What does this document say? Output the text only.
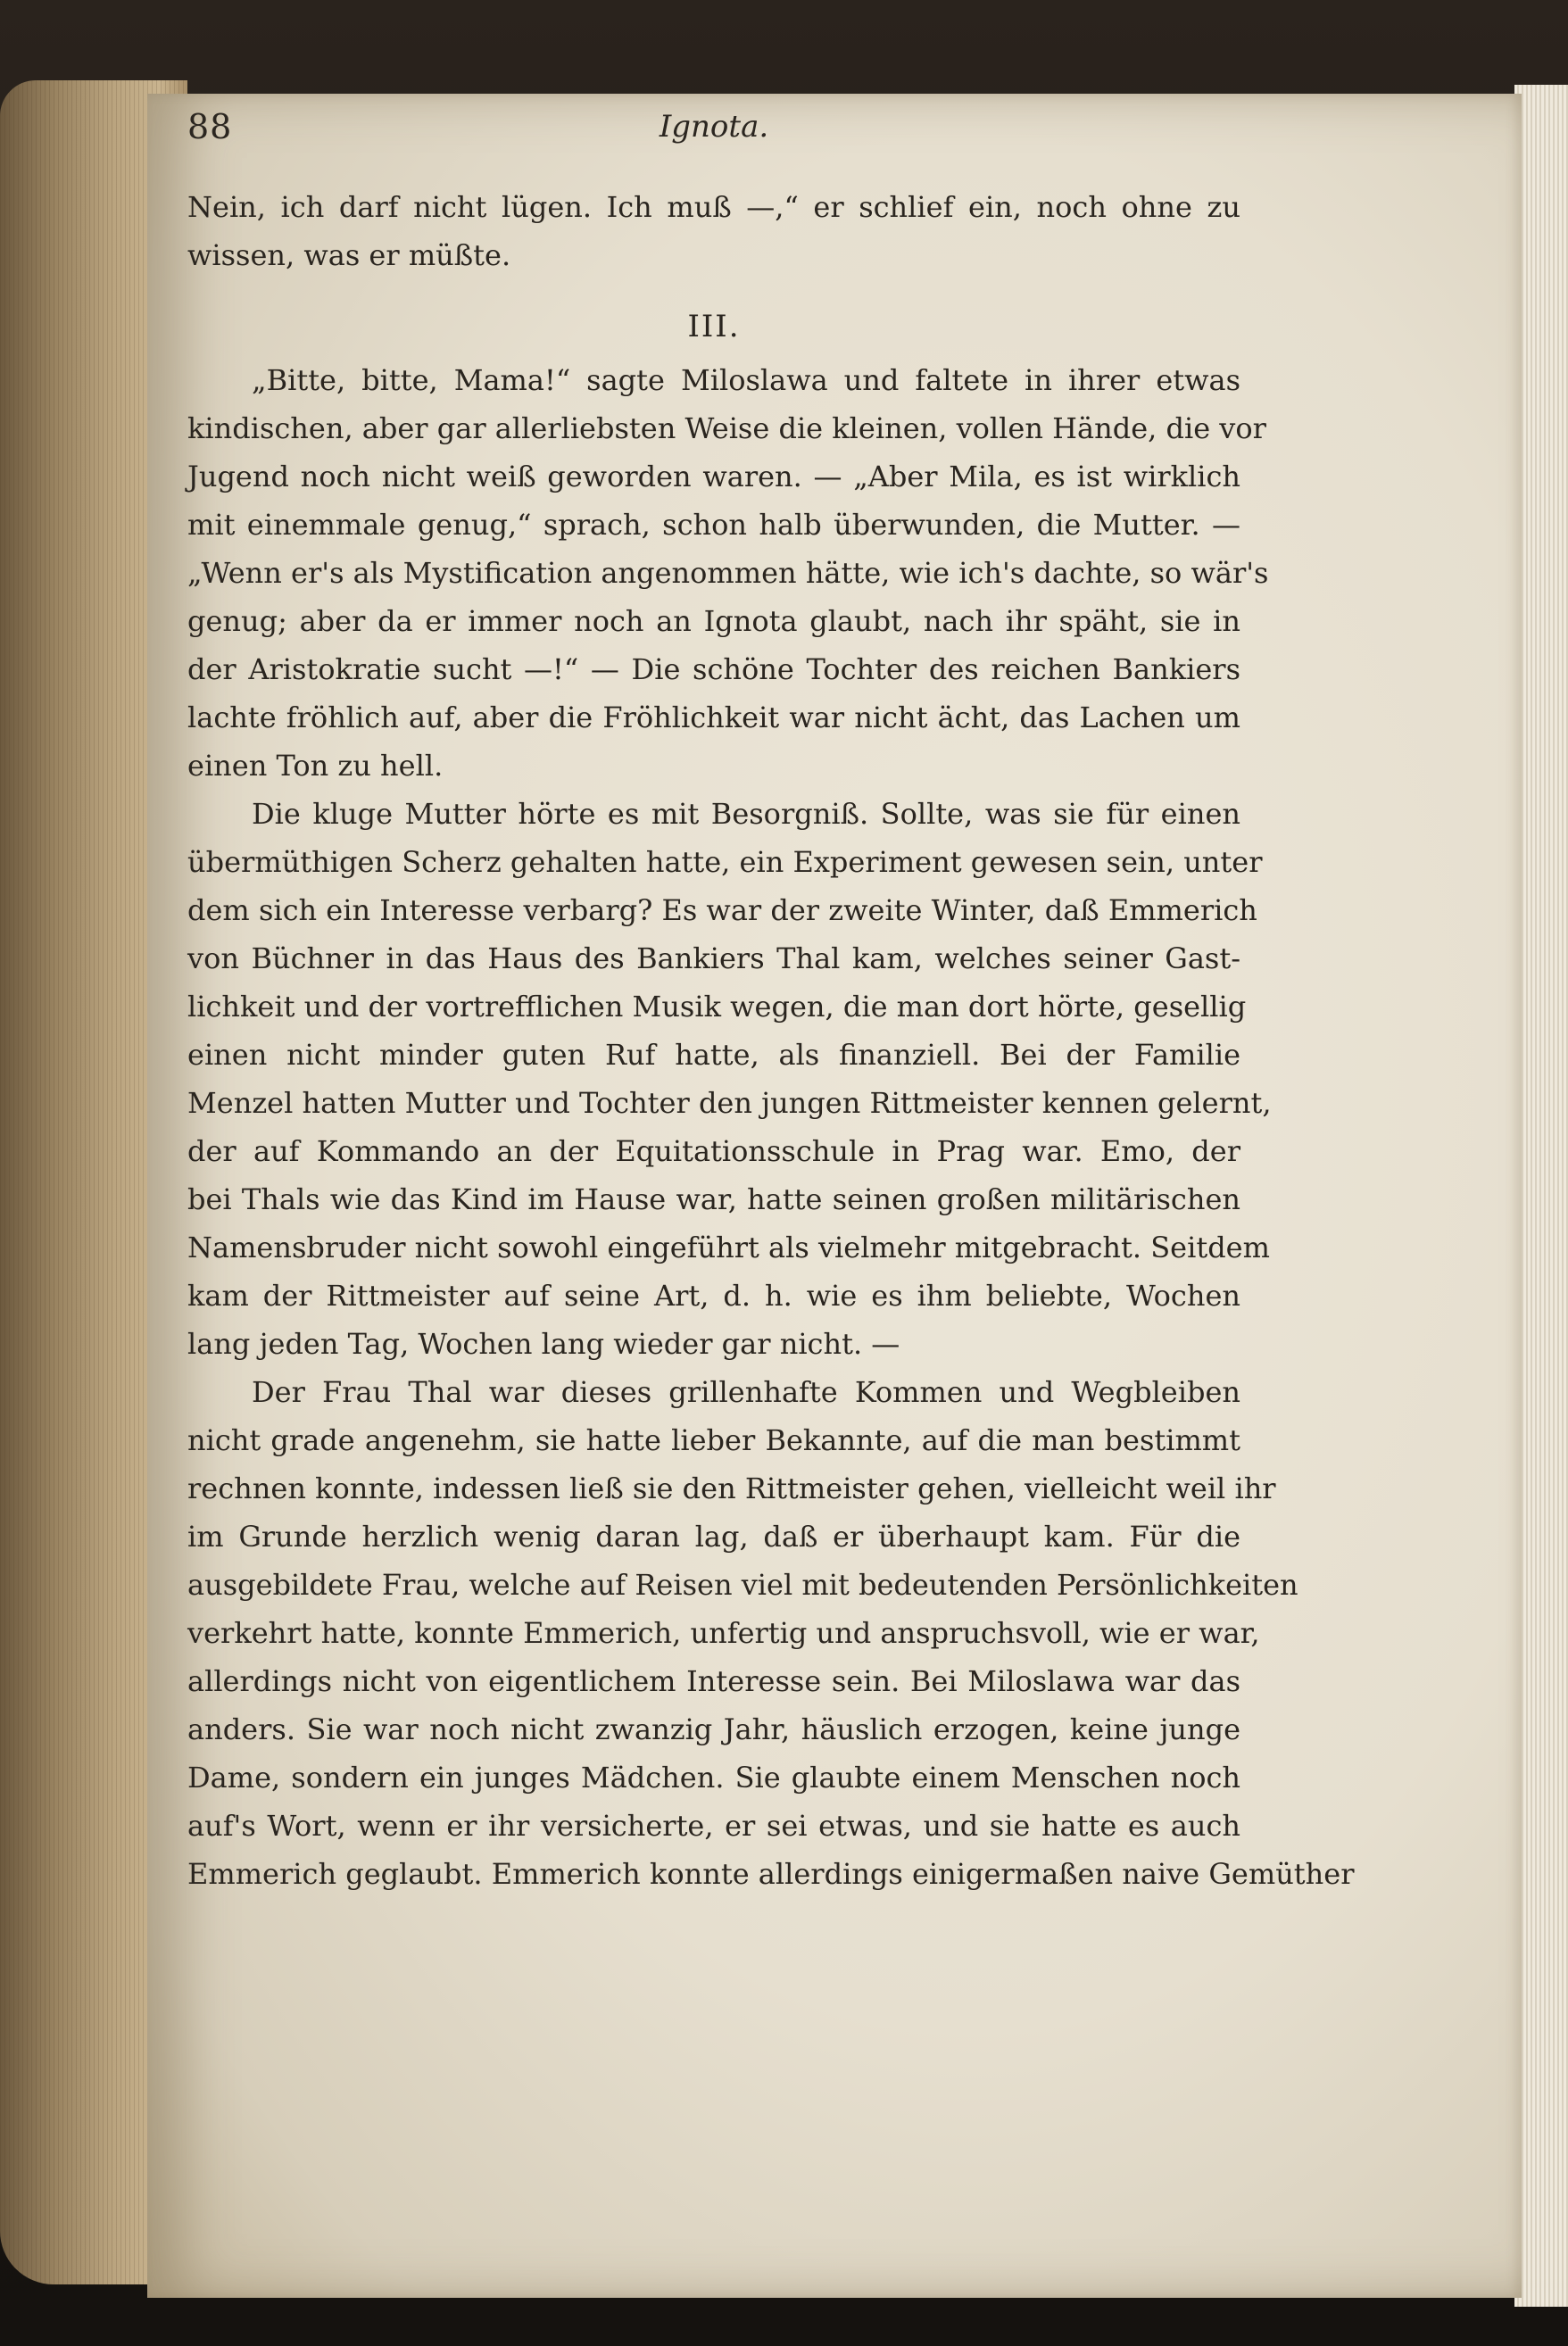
88	Ignota.
Nein, ich darf nicht lügen. Ich muß —,“ er schlief ein, noch ohne zu
wissen, was er müßte.
III.
„Bitte, bitte, Mama!“ sagte Miloslawa und faltete in ihrer etwas
kindischen, aber gar allerliebsten Weise die kleinen, vollen Hände, die vor
Jugend noch nicht weiß geworden waren. — „Aber Mila, es ist wirklich
mit einemmale genug,“ sprach, schon halb überwunden, die Mutter. —
„Wenn er's als Mystification angenommen hätte, wie ich's dachte, so wär's
genug; aber da er immer noch an Ignota glaubt, nach ihr späht, sie in
der Aristokratie sucht —!“ — Die schöne Tochter des reichen Bankiers
lachte fröhlich auf, aber die Fröhlichkeit war nicht ächt, das Lachen um
einen Ton zu hell.
Die kluge Mutter hörte es mit Besorgniß. Sollte, was sie für einen
übermüthigen Scherz gehalten hatte, ein Experiment gewesen sein, unter
dem sich ein Interesse verbarg? Es war der zweite Winter, daß Emmerich
von Büchner in das Haus des Bankiers Thal kam, welches seiner Gast-
lichkeit und der vortrefflichen Musik wegen, die man dort hörte, gesellig
einen nicht minder guten Ruf hatte, als finanziell. Bei der Familie
Menzel hatten Mutter und Tochter den jungen Rittmeister kennen gelernt,
der auf Kommando an der Equitationsschule in Prag war. Emo, der
bei Thals wie das Kind im Hause war, hatte seinen großen militärischen
Namensbruder nicht sowohl eingeführt als vielmehr mitgebracht. Seitdem
kam der Rittmeister auf seine Art, d. h. wie es ihm beliebte, Wochen
lang jeden Tag, Wochen lang wieder gar nicht. —
Der Frau Thal war dieses grillenhafte Kommen und Wegbleiben
nicht grade angenehm, sie hatte lieber Bekannte, auf die man bestimmt
rechnen konnte, indessen ließ sie den Rittmeister gehen, vielleicht weil ihr
im Grunde herzlich wenig daran lag, daß er überhaupt kam. Für die
ausgebildete Frau, welche auf Reisen viel mit bedeutenden Persönlichkeiten
verkehrt hatte, konnte Emmerich, unfertig und anspruchsvoll, wie er war,
allerdings nicht von eigentlichem Interesse sein. Bei Miloslawa war das
anders. Sie war noch nicht zwanzig Jahr, häuslich erzogen, keine junge
Dame, sondern ein junges Mädchen. Sie glaubte einem Menschen noch
auf's Wort, wenn er ihr versicherte, er sei etwas, und sie hatte es auch
Emmerich geglaubt. Emmerich konnte allerdings einigermaßen naive Gemüther
